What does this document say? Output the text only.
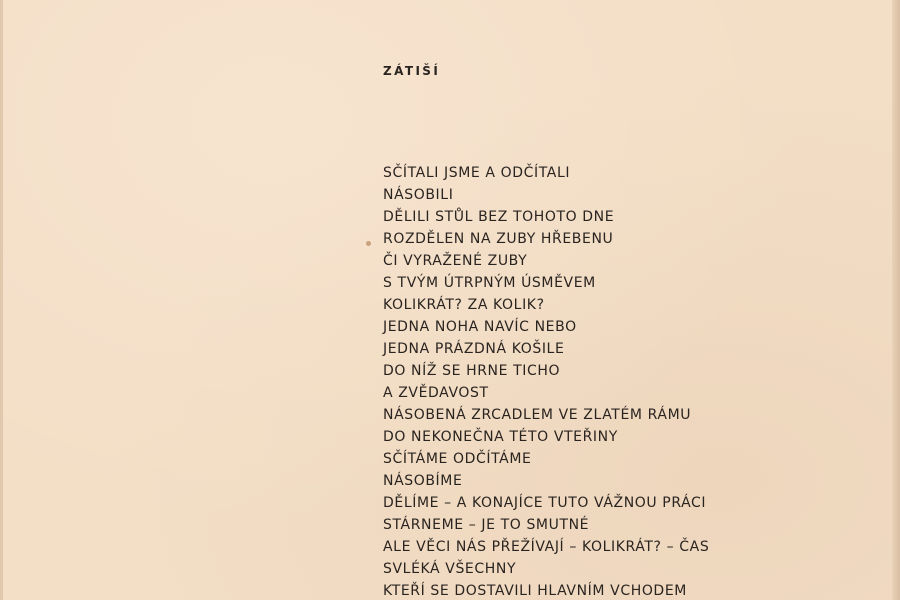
ZÁTIŠÍ
SČÍTALI JSME A ODČÍTALI
NÁSOBILI
DĚLILI STŮL BEZ TOHOTO DNE
ROZDĚLEN NA ZUBY HŘEBENU
ČI VYRAŽENÉ ZUBY
S TVÝM ÚTRPNÝM ÚSMĚVEM
KOLIKRÁT? ZA KOLIK?
JEDNA NOHA NAVÍC NEBO
JEDNA PRÁZDNÁ KOŠILE
DO NÍŽ SE HRNE TICHO
A ZVĚDAVOST
NÁSOBENÁ ZRCADLEM VE ZLATÉM RÁMU
DO NEKONEČNA TÉTO VTEŘINY
SČÍTÁME ODČÍTÁME
NÁSOBÍME
DĚLÍME – A KONAJÍCE TUTO VÁŽNOU PRÁCI
STÁRNEME – JE TO SMUTNÉ
ALE VĚCI NÁS PŘEŽÍVAJÍ – KOLIKRÁT? – ČAS
SVLÉKÁ VŠECHNY
KTEŘÍ SE DOSTAVILI HLAVNÍM VCHODEM
